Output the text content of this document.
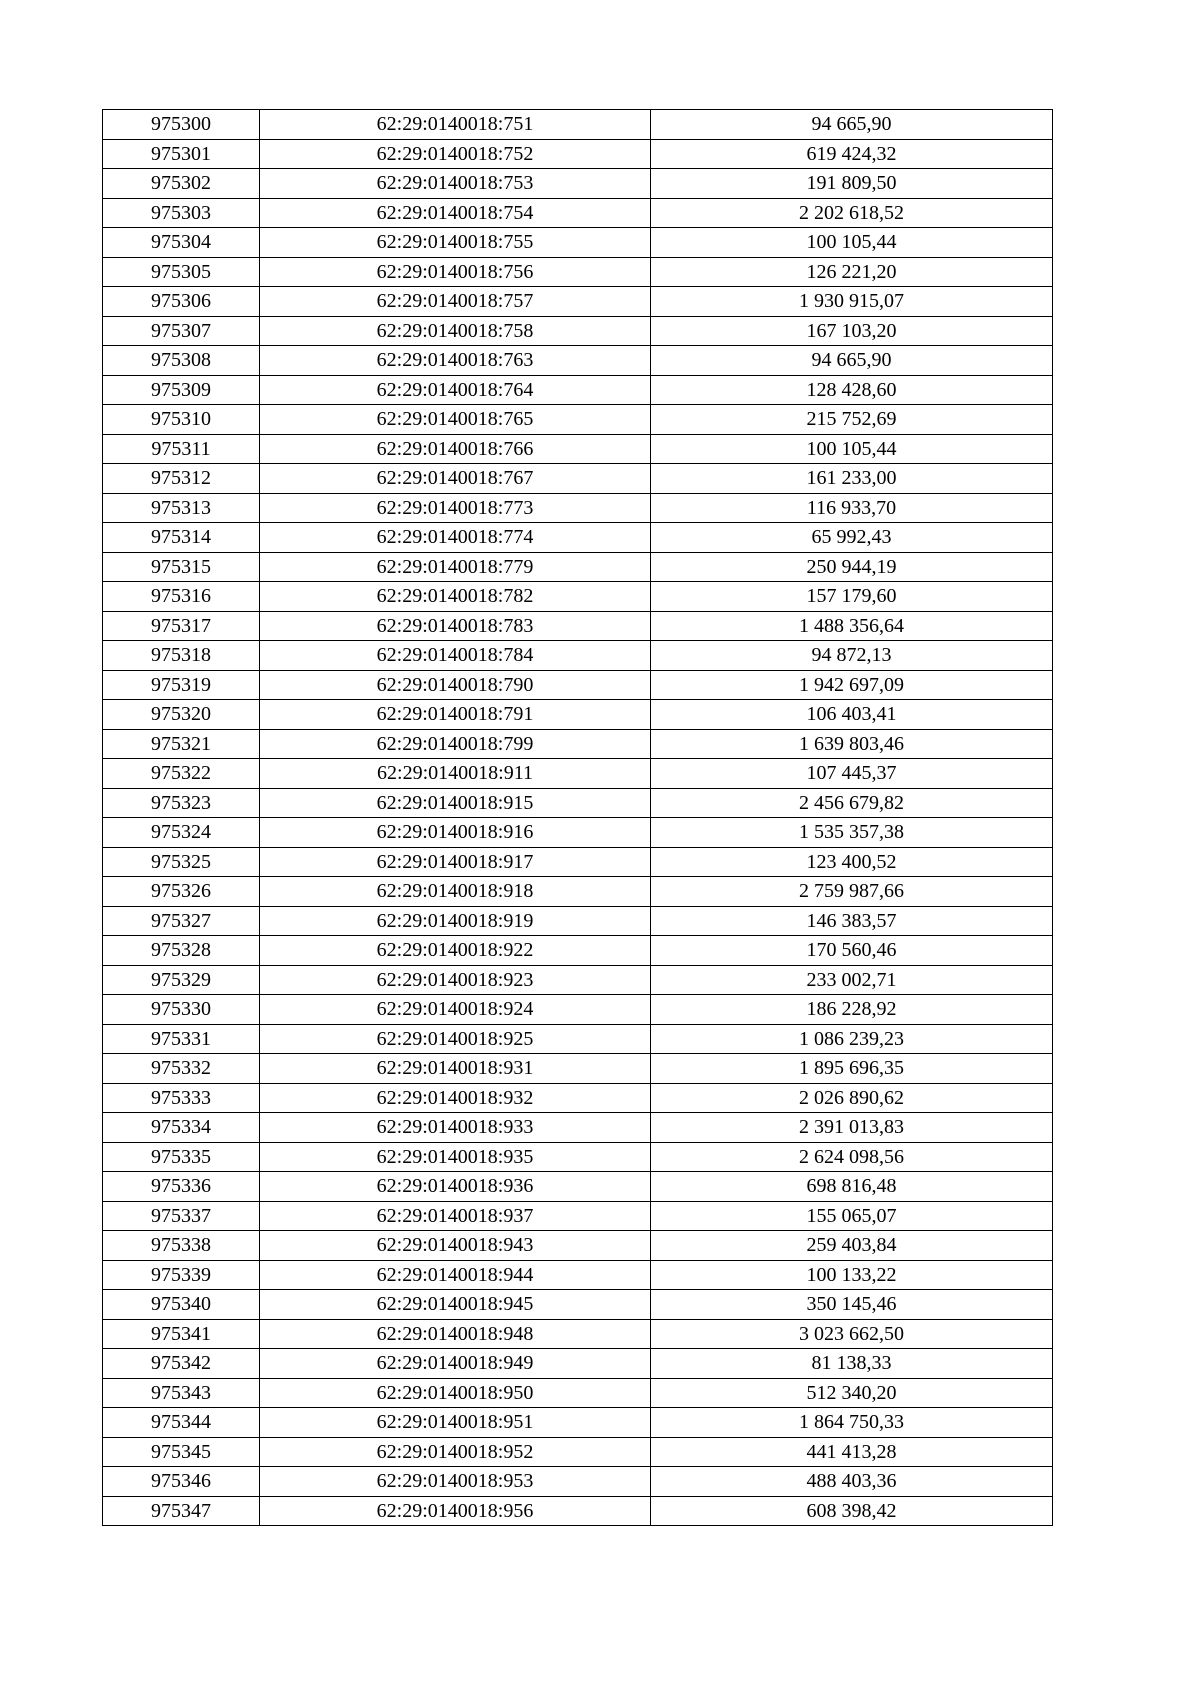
975300	62:29:0140018:751	94 665,90
975301	62:29:0140018:752	619 424,32
975302	62:29:0140018:753	191 809,50
975303	62:29:0140018:754	2 202 618,52
975304	62:29:0140018:755	100 105,44
975305	62:29:0140018:756	126 221,20
975306	62:29:0140018:757	1 930 915,07
975307	62:29:0140018:758	167 103,20
975308	62:29:0140018:763	94 665,90
975309	62:29:0140018:764	128 428,60
975310	62:29:0140018:765	215 752,69
975311	62:29:0140018:766	100 105,44
975312	62:29:0140018:767	161 233,00
975313	62:29:0140018:773	116 933,70
975314	62:29:0140018:774	65 992,43
975315	62:29:0140018:779	250 944,19
975316	62:29:0140018:782	157 179,60
975317	62:29:0140018:783	1 488 356,64
975318	62:29:0140018:784	94 872,13
975319	62:29:0140018:790	1 942 697,09
975320	62:29:0140018:791	106 403,41
975321	62:29:0140018:799	1 639 803,46
975322	62:29:0140018:911	107 445,37
975323	62:29:0140018:915	2 456 679,82
975324	62:29:0140018:916	1 535 357,38
975325	62:29:0140018:917	123 400,52
975326	62:29:0140018:918	2 759 987,66
975327	62:29:0140018:919	146 383,57
975328	62:29:0140018:922	170 560,46
975329	62:29:0140018:923	233 002,71
975330	62:29:0140018:924	186 228,92
975331	62:29:0140018:925	1 086 239,23
975332	62:29:0140018:931	1 895 696,35
975333	62:29:0140018:932	2 026 890,62
975334	62:29:0140018:933	2 391 013,83
975335	62:29:0140018:935	2 624 098,56
975336	62:29:0140018:936	698 816,48
975337	62:29:0140018:937	155 065,07
975338	62:29:0140018:943	259 403,84
975339	62:29:0140018:944	100 133,22
975340	62:29:0140018:945	350 145,46
975341	62:29:0140018:948	3 023 662,50
975342	62:29:0140018:949	81 138,33
975343	62:29:0140018:950	512 340,20
975344	62:29:0140018:951	1 864 750,33
975345	62:29:0140018:952	441 413,28
975346	62:29:0140018:953	488 403,36
975347	62:29:0140018:956	608 398,42
